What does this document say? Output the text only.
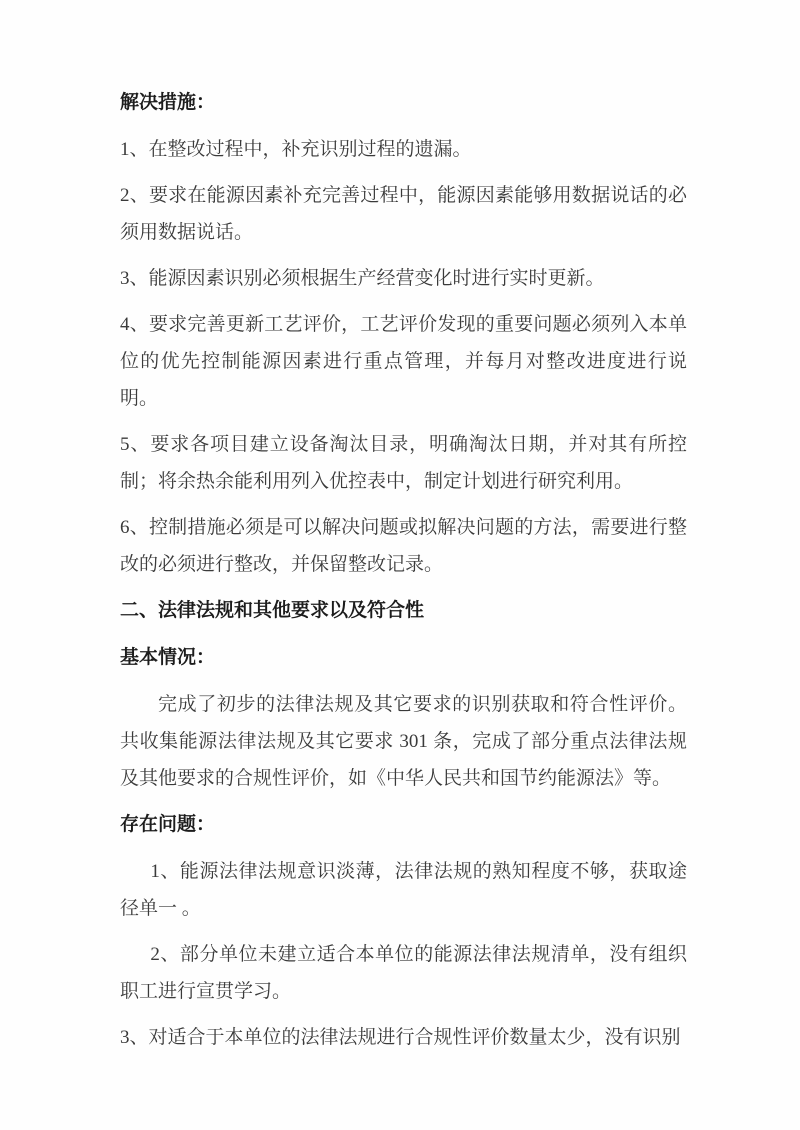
解决措施：

1、在整改过程中，补充识别过程的遗漏。

2、要求在能源因素补充完善过程中，能源因素能够用数据说话的必须用数据说话。

3、能源因素识别必须根据生产经营变化时进行实时更新。

4、要求完善更新工艺评价，工艺评价发现的重要问题必须列入本单位的优先控制能源因素进行重点管理，并每月对整改进度进行说明。

5、要求各项目建立设备淘汰目录，明确淘汰日期，并对其有所控制；将余热余能利用列入优控表中，制定计划进行研究利用。

6、控制措施必须是可以解决问题或拟解决问题的方法，需要进行整改的必须进行整改，并保留整改记录。

二、法律法规和其他要求以及符合性

基本情况：

完成了初步的法律法规及其它要求的识别获取和符合性评价。共收集能源法律法规及其它要求 301 条，完成了部分重点法律法规及其他要求的合规性评价，如《中华人民共和国节约能源法》等。

存在问题：

1、能源法律法规意识淡薄，法律法规的熟知程度不够，获取途径单一 。

2、部分单位未建立适合本单位的能源法律法规清单，没有组织职工进行宣贯学习。

3、对适合于本单位的法律法规进行合规性评价数量太少，没有识别
